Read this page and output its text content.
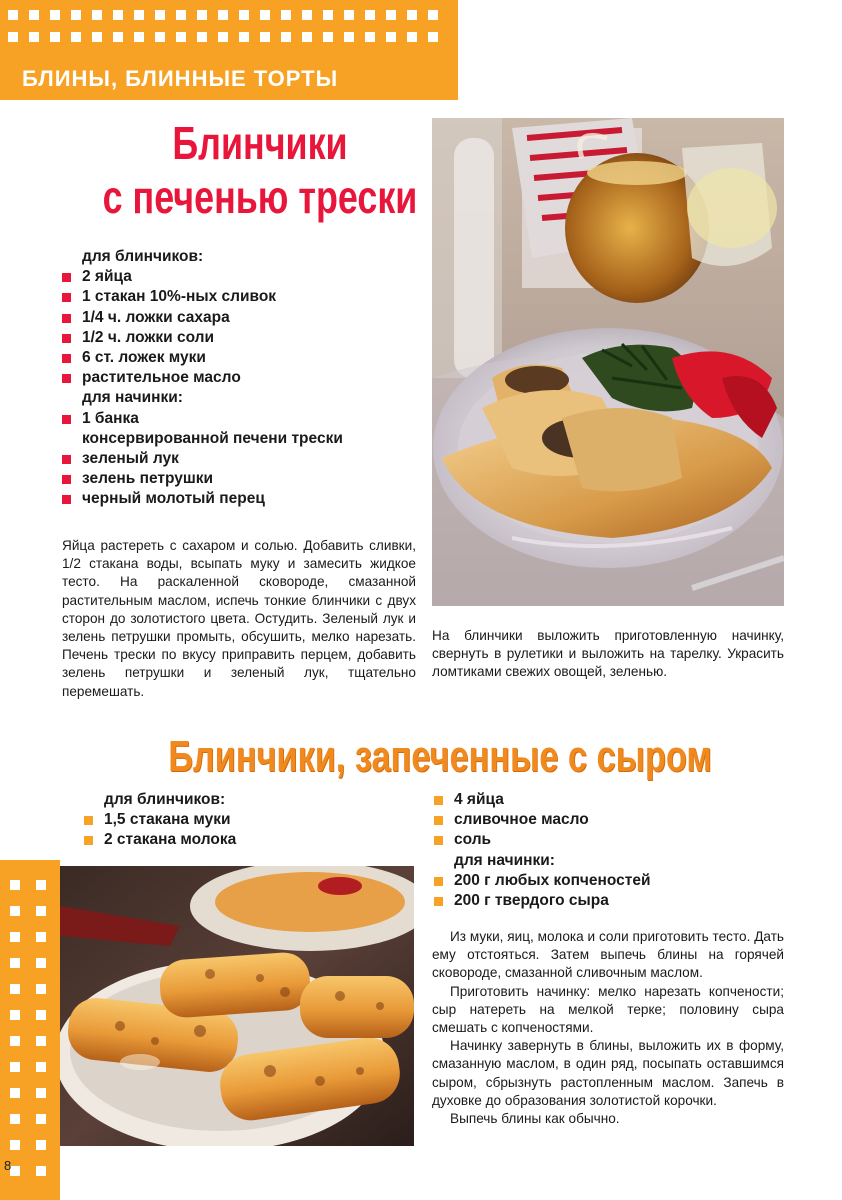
БЛИНЫ, БЛИННЫЕ ТОРТЫ
Блинчики
с печенью трески
для блинчиков:
2 яйца
1 стакан 10%-ных сливок
1/4 ч. ложки сахара
1/2 ч. ложки соли
6 ст. ложек муки
растительное масло
для начинки:
1 банка
консервированной печени трески
зеленый лук
зелень петрушки
черный молотый перец

Яйца растереть с сахаром и солью. Добавить сливки, 1/2 стакана воды, всыпать муку и замесить жидкое тесто. На раскаленной сковороде, смазанной растительным маслом, испечь тонкие блинчики с двух сторон до золотистого цвета. Остудить. Зеленый лук и зелень петрушки промыть, обсушить, мелко нарезать. Печень трески по вкусу приправить перцем, добавить зелень петрушки и зеленый лук, тщательно перемешать.

На блинчики выложить приготовленную начинку, свернуть в рулетики и выложить на тарелку. Украсить ломтиками свежих овощей, зеленью.

Блинчики, запеченные с сыром
для блинчиков:
1,5 стакана муки
2 стакана молока
4 яйца
сливочное масло
соль
для начинки:
200 г любых копченостей
200 г твердого сыра

Из муки, яиц, молока и соли приготовить тесто. Дать ему отстояться. Затем выпечь блины на горячей сковороде, смазанной сливочным маслом.

Приготовить начинку: мелко нарезать копчености; сыр натереть на мелкой терке; половину сыра смешать с копченостями.

Начинку завернуть в блины, выложить их в форму, смазанную маслом, в один ряд, посыпать оставшимся сыром, сбрызнуть растопленным маслом. Запечь в духовке до образования золотистой корочки.

Выпечь блины как обычно.

8
